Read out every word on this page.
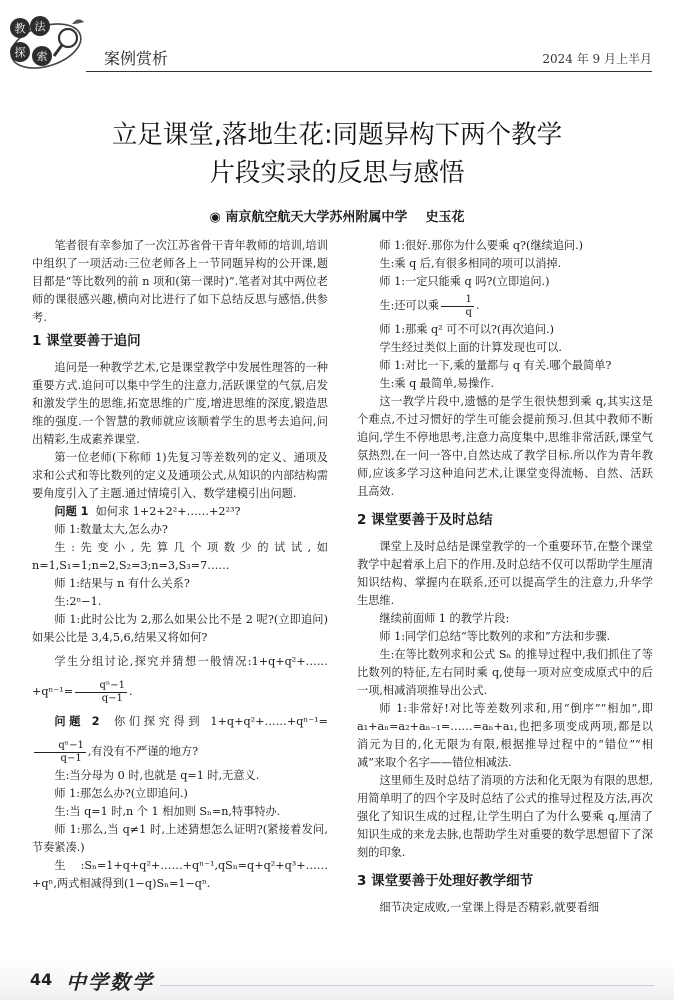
教 法
探 索	案例赏析	2024 年 9 月上半月
立足课堂,落地生花:同题异构下两个教学
片段实录的反思与感悟
◉ 南京航空航天大学苏州附属中学    史玉花

笔者很有幸参加了一次江苏省骨干青年教师的培训,培训中组织了一项活动:三位老师各上一节同题异构的公开课,题目都是“等比数列的前 n 项和(第一课时)”.笔者对其中两位老师的课很感兴趣,横向对比进行了如下总结反思与感悟,供参考.

1 课堂要善于追问

追问是一种教学艺术,它是课堂教学中发展性理答的一种重要方式.追问可以集中学生的注意力,活跃课堂的气氛,启发和激发学生的思维,拓宽思维的广度,增进思维的深度,锻造思维的强度.一个智慧的教师就应该顺着学生的思考去追问,问出精彩,生成素养课堂.

第一位老师(下称师 1)先复习等差数列的定义、通项及求和公式和等比数列的定义及通项公式,从知识的内部结构需要角度引入了主题.通过情境引入、数学建模引出问题.

问题 1 如何求 1+2+2²+……+2²³?

师 1:数量太大,怎么办?

生:先变小,先算几个项数少的试试,如 n=1,S₁=1;n=2,S₂=3;n=3,S₃=7……

师 1:结果与 n 有什么关系?

生:2ⁿ−1.

师 1:此时公比为 2,那么如果公比不是 2 呢?(立即追问)如果公比是 3,4,5,6,结果又将如何?

学生分组讨论,探究并猜想一般情况:1+q+q²+……+qⁿ⁻¹= $\frac{\text{qⁿ−1}}{q-1}$ .

问题 2 你们探究得到 1+q+q²+……+qⁿ⁻¹=
$\frac{\text{qⁿ−1}}{q-1}$ ,有没有不严谨的地方?

生:当分母为 0 时,也就是 q=1 时,无意义.

师 1:那怎么办?(立即追问.)

生:当 q=1 时,n 个 1 相加则 Sₙ=n,特事特办.

师 1:那么,当 q≠1 时,上述猜想怎么证明?(紧接着发问,节奏紧凑.)

生:Sₙ=1+q+q²+……+qⁿ⁻¹,qSₙ=q+q²+q³+……+qⁿ,两式相减得到(1−q)Sₙ=1−qⁿ.

师 1:很好.那你为什么要乘 q?(继续追问.)

生:乘 q 后,有很多相同的项可以消掉.

师 1:一定只能乘 q 吗?(立即追问.)

生:还可以乘 $\frac{1}{q}$ .

师 1:那乘 q² 可不可以?(再次追问.)

学生经过类似上面的计算发现也可以.

师 1:对比一下,乘的量都与 q 有关.哪个最简单?

生:乘 q 最简单,易操作.

这一教学片段中,遗憾的是学生很快想到乘 q,其实这是个难点,不过习惯好的学生可能会提前预习.但其中教师不断追问,学生不停地思考,注意力高度集中,思维非常活跃,课堂气氛热烈,在一问一答中,自然达成了教学目标.所以作为青年教师,应该多学习这种追问艺术,让课堂变得流畅、自然、活跃且高效.

2 课堂要善于及时总结

课堂上及时总结是课堂教学的一个重要环节,在整个课堂教学中起着承上启下的作用.及时总结不仅可以帮助学生厘清知识结构、掌握内在联系,还可以提高学生的注意力,升华学生思维.

继续前面师 1 的教学片段:

师 1:同学们总结“等比数列的求和”方法和步骤.

生:在等比数列求和公式 Sₙ 的推导过程中,我们抓住了等比数列的特征,左右同时乘 q,使每一项对应变成原式中的后一项,相减消项推导出公式.

师 1:非常好!对比等差数列求和,用“倒序”“相加”,即 a₁+aₙ=a₂+aₙ₋₁=……=aₙ+a₁,也把多项变成两项,都是以消元为目的,化无限为有限,根据推导过程中的“错位”“相减”来取个名字——错位相减法.

这里师生及时总结了消项的方法和化无限为有限的思想,用简单明了的四个字及时总结了公式的推导过程及方法,再次强化了知识生成的过程,让学生明白了为什么要乘 q,厘清了知识生成的来龙去脉,也帮助学生对重要的数学思想留下了深刻的印象.

3 课堂要善于处理好教学细节

细节决定成败,一堂课上得是否精彩,就要看细

44 中学数学
